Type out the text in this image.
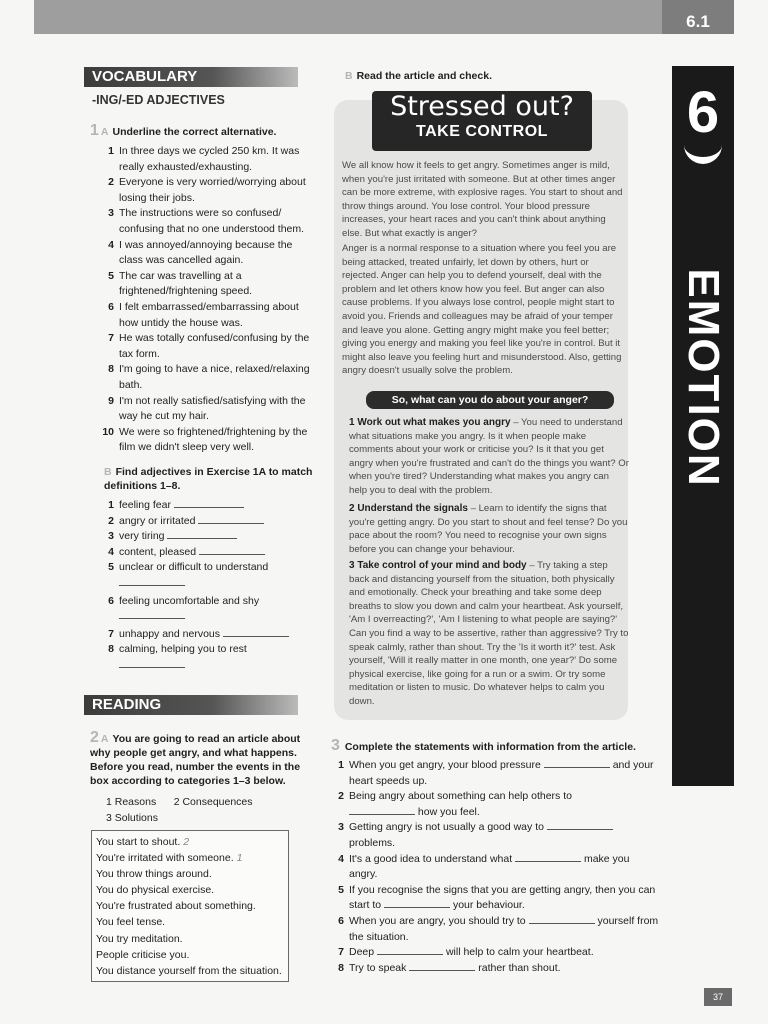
6.1
6
EMOTION
VOCABULARY
-ING/-ED ADJECTIVES
1 A Underline the correct alternative.
1 In three days we cycled 250 km. It was really exhausted/exhausting.
2 Everyone is very worried/worrying about losing their jobs.
3 The instructions were so confused/ confusing that no one understood them.
4 I was annoyed/annoying because the class was cancelled again.
5 The car was travelling at a frightened/frightening speed.
6 I felt embarrassed/embarrassing about how untidy the house was.
7 He was totally confused/confusing by the tax form.
8 I'm going to have a nice, relaxed/relaxing bath.
9 I'm not really satisfied/satisfying with the way he cut my hair.
10 We were so frightened/frightening by the film we didn't sleep very well.
B Find adjectives in Exercise 1A to match definitions 1–8.
1 feeling fear
2 angry or irritated
3 very tiring
4 content, pleased
5 unclear or difficult to understand

6 feeling uncomfortable and shy

7 unhappy and nervous
8 calming, helping you to rest

READING
2 A You are going to read an article about why people get angry, and what happens. Before you read, number the events in the box according to categories 1–3 below.
1 Reasons 2 Consequences
3 Solutions
You start to shout. 2
You're irritated with someone. 1
You throw things around.
You do physical exercise.
You're frustrated about something.
You feel tense.
You try meditation.
People criticise you.
You distance yourself from the situation.
B Read the article and check.
Stressed out?
TAKE CONTROL
We all know how it feels to get angry. Sometimes anger is mild, when you're just irritated with someone. But at other times anger can be more extreme, with explosive rages. You start to shout and throw things around. You lose control. Your blood pressure increases, your heart races and you can't think about anything else. But what exactly is anger?
Anger is a normal response to a situation where you feel you are being attacked, treated unfairly, let down by others, hurt or rejected. Anger can help you to defend yourself, deal with the problem and let others know how you feel. But anger can also cause problems. If you always lose control, people might start to avoid you. Friends and colleagues may be afraid of your temper and leave you alone. Getting angry might make you feel better; giving you energy and making you feel like you're in control. But it might also leave you feeling hurt and misunderstood. Also, getting angry doesn't usually solve the problem.
So, what can you do about your anger?
1 Work out what makes you angry – You need to understand what situations make you angry. Is it when people make comments about your work or criticise you? Is it that you get angry when you're frustrated and can't do the things you want? Or when you're tired? Understanding what makes you angry can help you to deal with the problem.
2 Understand the signals – Learn to identify the signs that you're getting angry. Do you start to shout and feel tense? Do you pace about the room? You need to recognise your own signs before you can change your behaviour.
3 Take control of your mind and body – Try taking a step back and distancing yourself from the situation, both physically and emotionally. Check your breathing and take some deep breaths to slow you down and calm your heartbeat. Ask yourself, 'Am I overreacting?', 'Am I listening to what people are saying?' Can you find a way to be assertive, rather than aggressive? Try to speak calmly, rather than shout. Try the 'Is it worth it?' test. Ask yourself, 'Will it really matter in one month, one year?' Do some physical exercise, like going for a run or a swim. Or try some meditation or listen to music. Do whatever helps to calm you down.
3 Complete the statements with information from the article.
1 When you get angry, your blood pressure	and your heart speeds up.
2 Being angry about something can help others to
how you feel.
3 Getting angry is not usually a good way to  problems.
4 It's a good idea to understand what	make you angry.
5 If you recognise the signs that you are getting angry, then you can start to	your behaviour.
6 When you are angry, you should try to	yourself from the situation.
7 Deep	will help to calm your heartbeat.
8 Try to speak	rather than shout.
37
